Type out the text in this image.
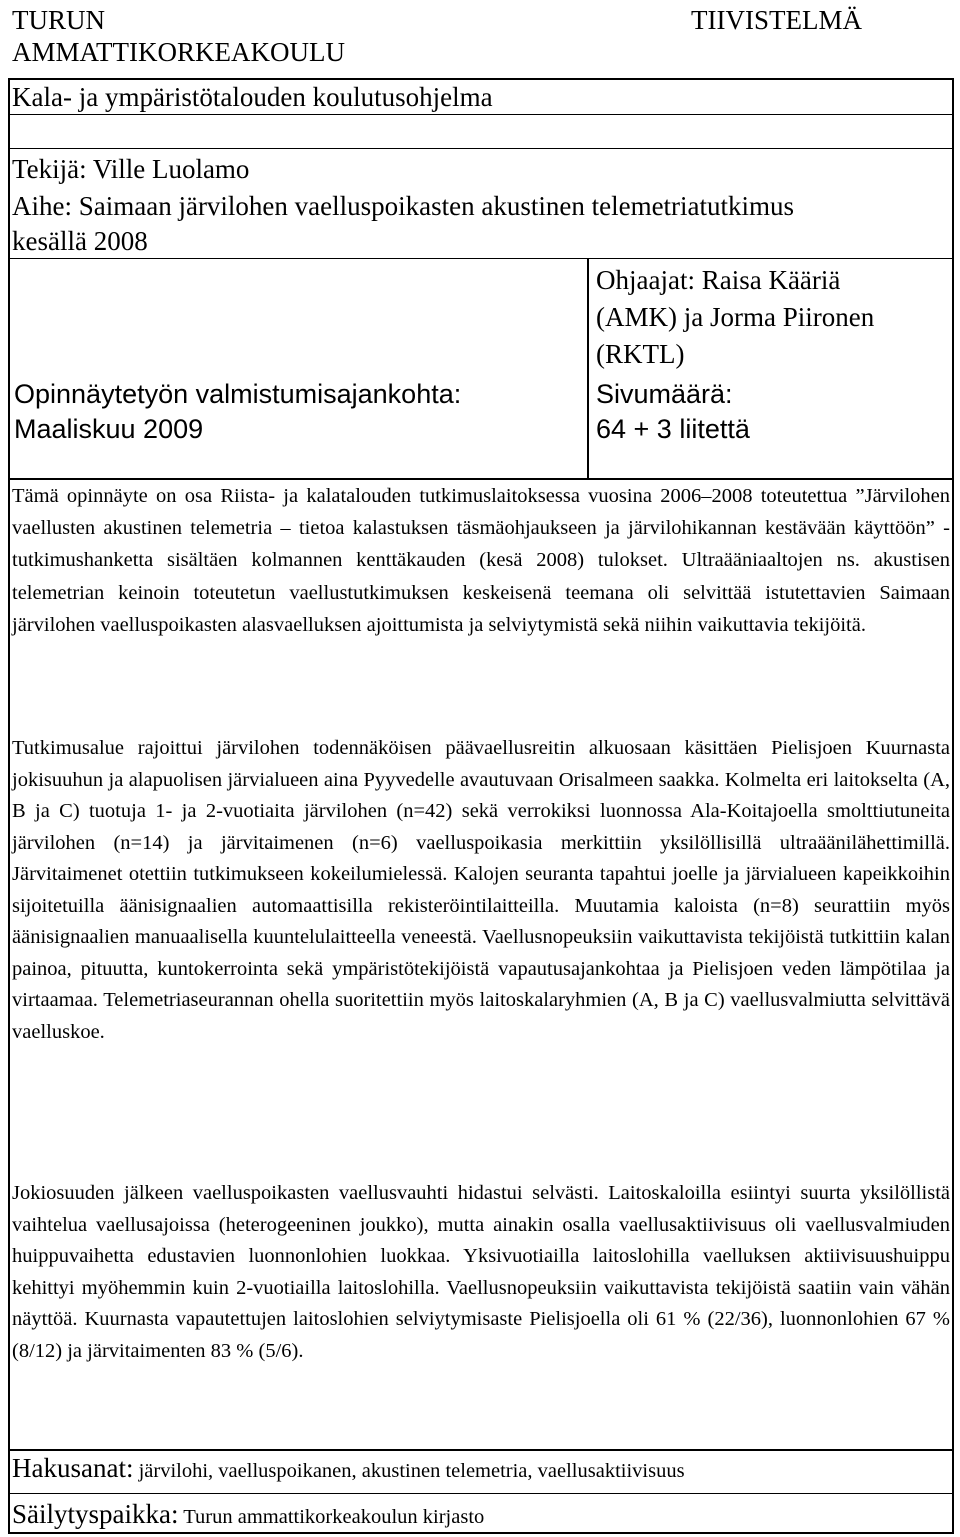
TURUN
AMMATTIKORKEAKOULU
TIIVISTELMÄ
Kala- ja ympäristötalouden koulutusohjelma
Tekijä: Ville Luolamo
Aihe: Saimaan järvilohen vaelluspoikasten akustinen telemetriatutkimus
kesällä 2008
Ohjaajat: Raisa Kääriä
(AMK) ja Jorma Piironen
(RKTL)
Opinnäytetyön valmistumisajankohta:
Maaliskuu 2009
Sivumäärä:
64 + 3 liitettä

Tämä opinnäyte on osa Riista- ja kalatalouden tutkimuslaitoksessa vuosina 2006–2008 toteutettua ”Järvilohen vaellusten akustinen telemetria – tietoa kalastuksen täsmäohjaukseen ja järvilohikannan kestävään käyttöön” -tutkimushanketta sisältäen kolmannen kenttäkauden (kesä 2008) tulokset. Ultraääniaaltojen ns. akustisen telemetrian keinoin toteutetun vaellustutkimuksen keskeisenä teemana oli selvittää istutettavien Saimaan järvilohen vaelluspoikasten alasvaelluksen ajoittumista ja selviytymistä sekä niihin vaikuttavia tekijöitä.

Tutkimusalue rajoittui järvilohen todennäköisen päävaellusreitin alkuosaan käsittäen Pielisjoen Kuurnasta jokisuuhun ja alapuolisen järvialueen aina Pyyvedelle avautuvaan Orisalmeen saakka. Kolmelta eri laitokselta (A, B ja C) tuotuja 1- ja 2-vuotiaita järvilohen (n=42) sekä verrokiksi luonnossa Ala-Koitajoella smolttiutuneita järvilohen (n=14) ja järvitaimenen (n=6) vaelluspoikasia merkittiin yksilöllisillä ultraäänilähettimillä. Järvitaimenet otettiin tutkimukseen kokeilumielessä. Kalojen seuranta tapahtui joelle ja järvialueen kapeikkoihin sijoitetuilla äänisignaalien automaattisilla rekisteröintilaitteilla. Muutamia kaloista (n=8) seurattiin myös äänisignaalien manuaalisella kuuntelulaitteella veneestä. Vaellusnopeuksiin vaikuttavista tekijöistä tutkittiin kalan painoa, pituutta, kuntokerrointa sekä ympäristötekijöistä vapautusajankohtaa ja Pielisjoen veden lämpötilaa ja virtaamaa. Telemetriaseurannan ohella suoritettiin myös laitoskalaryhmien (A, B ja C) vaellusvalmiutta selvittävä vaelluskoe.

Jokiosuuden jälkeen vaelluspoikasten vaellusvauhti hidastui selvästi. Laitoskaloilla esiintyi suurta yksilöllistä vaihtelua vaellusajoissa (heterogeeninen joukko), mutta ainakin osalla vaellusaktiivisuus oli vaellusvalmiuden huippuvaihetta edustavien luonnonlohien luokkaa. Yksivuotiailla laitoslohilla vaelluksen aktiivisuushuippu kehittyi myöhemmin kuin 2-vuotiailla laitoslohilla. Vaellusnopeuksiin vaikuttavista tekijöistä saatiin vain vähän näyttöä. Kuurnasta vapautettujen laitoslohien selviytymisaste Pielisjoella oli 61 % (22/36), luonnonlohien 67 % (8/12) ja järvitaimenten 83 % (5/6).

Hakusanat: järvilohi, vaelluspoikanen, akustinen telemetria, vaellusaktiivisuus
Säilytyspaikka: Turun ammattikorkeakoulun kirjasto
